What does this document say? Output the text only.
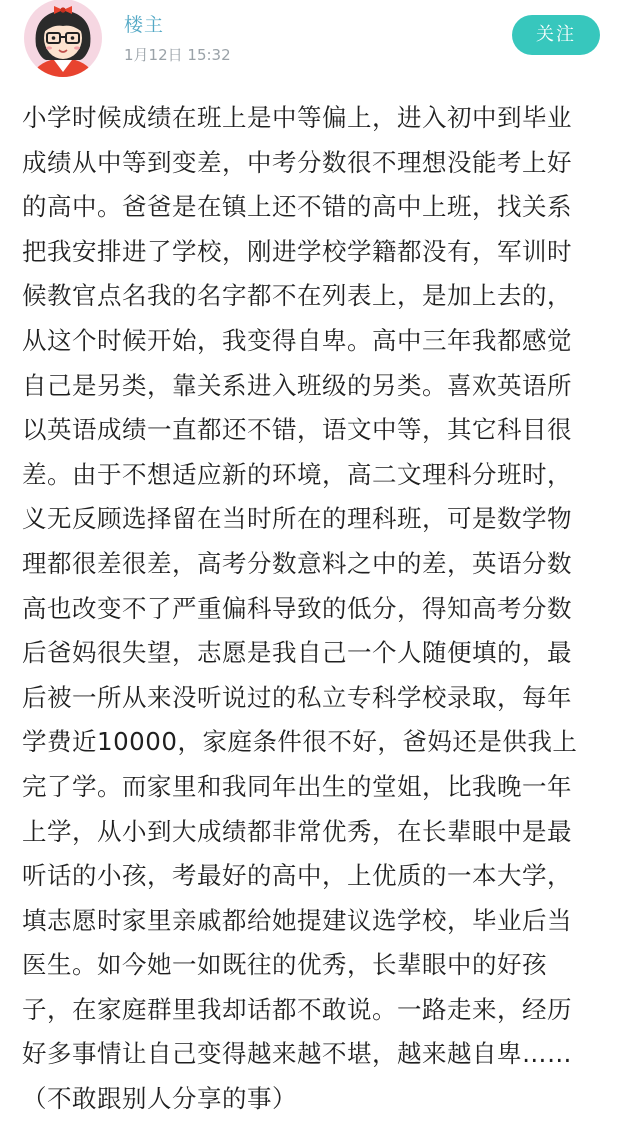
楼主
1月12日 15:32
关注
小学时候成绩在班上是中等偏上，进入初中到毕业
成绩从中等到变差，中考分数很不理想没能考上好
的高中。爸爸是在镇上还不错的高中上班，找关系
把我安排进了学校，刚进学校学籍都没有，军训时
候教官点名我的名字都不在列表上，是加上去的，
从这个时候开始，我变得自卑。高中三年我都感觉
自己是另类，靠关系进入班级的另类。喜欢英语所
以英语成绩一直都还不错，语文中等，其它科目很
差。由于不想适应新的环境，高二文理科分班时，
义无反顾选择留在当时所在的理科班，可是数学物
理都很差很差，高考分数意料之中的差，英语分数
高也改变不了严重偏科导致的低分，得知高考分数
后爸妈很失望，志愿是我自己一个人随便填的，最
后被一所从来没听说过的私立专科学校录取，每年
学费近10000，家庭条件很不好，爸妈还是供我上
完了学。而家里和我同年出生的堂姐，比我晚一年
上学，从小到大成绩都非常优秀，在长辈眼中是最
听话的小孩，考最好的高中，上优质的一本大学，
填志愿时家里亲戚都给她提建议选学校，毕业后当
医生。如今她一如既往的优秀，长辈眼中的好孩
子，在家庭群里我却话都不敢说。一路走来，经历
好多事情让自己变得越来越不堪，越来越自卑……
（不敢跟别人分享的事）
